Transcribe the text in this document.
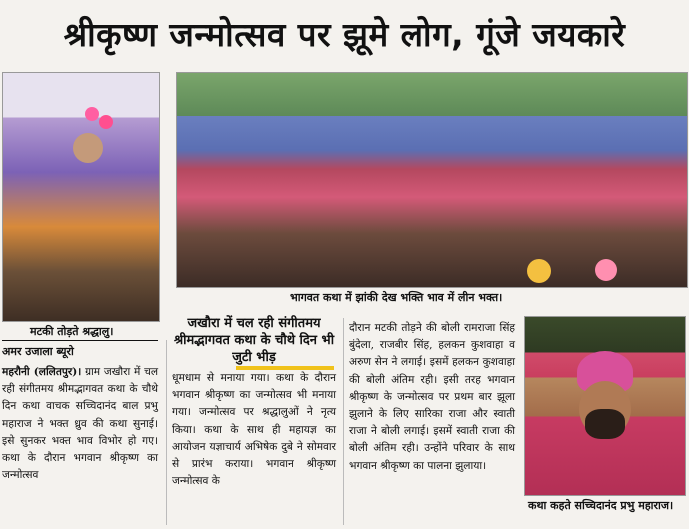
श्रीकृष्ण जन्मोत्सव पर झूमे लोग, गूंजे जयकारे
मटकी तोड़ते श्रद्धालु।
भागवत कथा में झांकी देख भक्ति भाव में लीन भक्त।
कथा कहते सच्चिदानंद प्रभु महाराज।
अमर उजाला ब्यूरो
महरौनी (ललितपुर)। ग्राम जखौरा में चल रही संगीतमय श्रीमद्भागवत कथा के चौथे दिन कथा वाचक सच्चिदानंद बाल प्रभु महाराज ने भक्त ध्रुव की कथा सुनाई। इसे सुनकर भक्त भाव विभोर हो गए। कथा के दौरान भगवान श्रीकृष्ण का जन्मोत्सव
जखौरा में चल रही संगीतमय श्रीमद्भागवत कथा के चौथे दिन भी जुटी भीड़
धूमधाम से मनाया गया। कथा के दौरान भगवान श्रीकृष्ण का जन्मोत्सव भी मनाया गया। जन्मोत्सव पर श्रद्धालुओं ने नृत्य किया। कथा के साथ ही महायज्ञ का आयोजन यज्ञाचार्य अभिषेक दुबे ने सोमवार से प्रारंभ कराया। भगवान श्रीकृष्ण जन्मोत्सव के
दौरान मटकी तोड़ने की बोली रामराजा सिंह बुंदेला, राजबीर सिंह, हलकन कुशवाहा व अरुण सेन ने लगाई। इसमें हलकन कुशवाहा की बोली अंतिम रही। इसी तरह भगवान श्रीकृष्ण के जन्मोत्सव पर प्रथम बार झूला झुलाने के लिए सारिका राजा और स्वाती राजा ने बोली लगाई। इसमें स्वाती राजा की बोली अंतिम रही। उन्होंने परिवार के साथ भगवान श्रीकृष्ण का पालना झुलाया।
